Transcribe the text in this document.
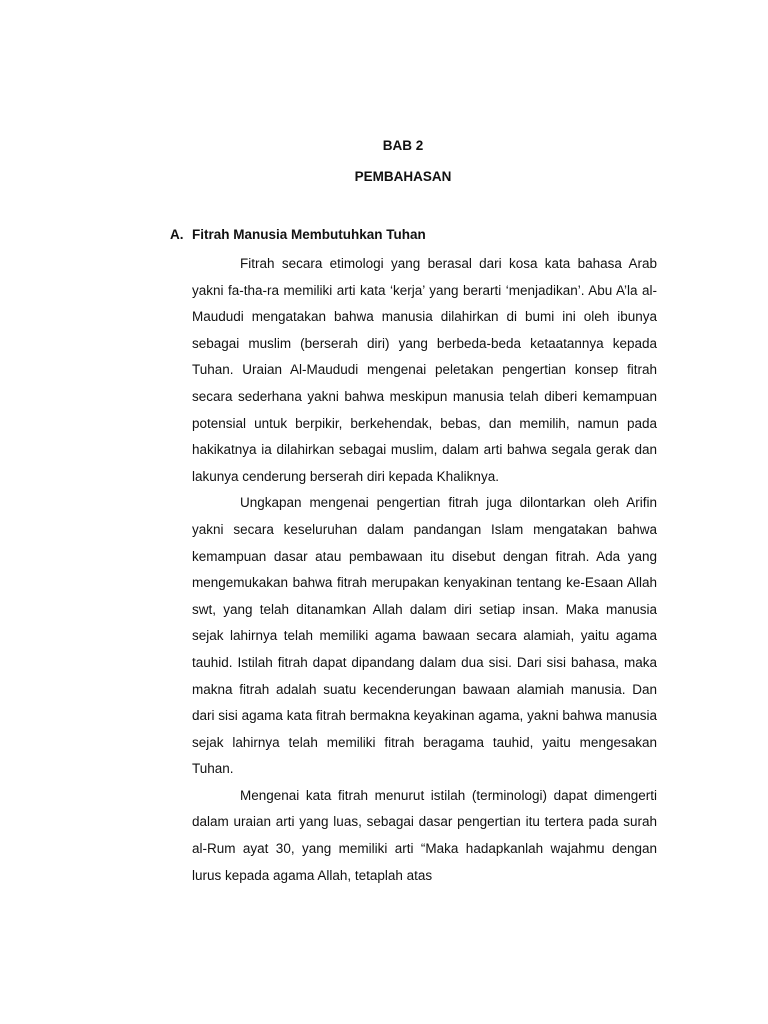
BAB 2
PEMBAHASAN
A. Fitrah Manusia Membutuhkan Tuhan

Fitrah secara etimologi yang berasal dari kosa kata bahasa Arab yakni fa-tha-ra memiliki arti kata ‘kerja’ yang berarti ‘menjadikan’. Abu A’la al-Maududi mengatakan bahwa manusia dilahirkan di bumi ini oleh ibunya sebagai muslim (berserah diri) yang berbeda-beda ketaatannya kepada Tuhan. Uraian Al-Maududi mengenai peletakan pengertian konsep fitrah secara sederhana yakni bahwa meskipun manusia telah diberi kemampuan potensial untuk berpikir, berkehendak, bebas, dan memilih, namun pada hakikatnya ia dilahirkan sebagai muslim, dalam arti bahwa segala gerak dan lakunya cenderung berserah diri kepada Khaliknya.

Ungkapan mengenai pengertian fitrah juga dilontarkan oleh Arifin yakni secara keseluruhan dalam pandangan Islam mengatakan bahwa kemampuan dasar atau pembawaan itu disebut dengan fitrah. Ada yang mengemukakan bahwa fitrah merupakan kenyakinan tentang ke-Esaan Allah swt, yang telah ditanamkan Allah dalam diri setiap insan. Maka manusia sejak lahirnya telah memiliki agama bawaan secara alamiah, yaitu agama tauhid. Istilah fitrah dapat dipandang dalam dua sisi. Dari sisi bahasa, maka makna fitrah adalah suatu kecenderungan bawaan alamiah manusia. Dan dari sisi agama kata fitrah bermakna keyakinan agama, yakni bahwa manusia sejak lahirnya telah memiliki fitrah beragama tauhid, yaitu mengesakan Tuhan.

Mengenai kata fitrah menurut istilah (terminologi) dapat dimengerti dalam uraian arti yang luas, sebagai dasar pengertian itu tertera pada surah al-Rum ayat 30, yang memiliki arti “Maka hadapkanlah wajahmu dengan lurus kepada agama Allah, tetaplah atas
